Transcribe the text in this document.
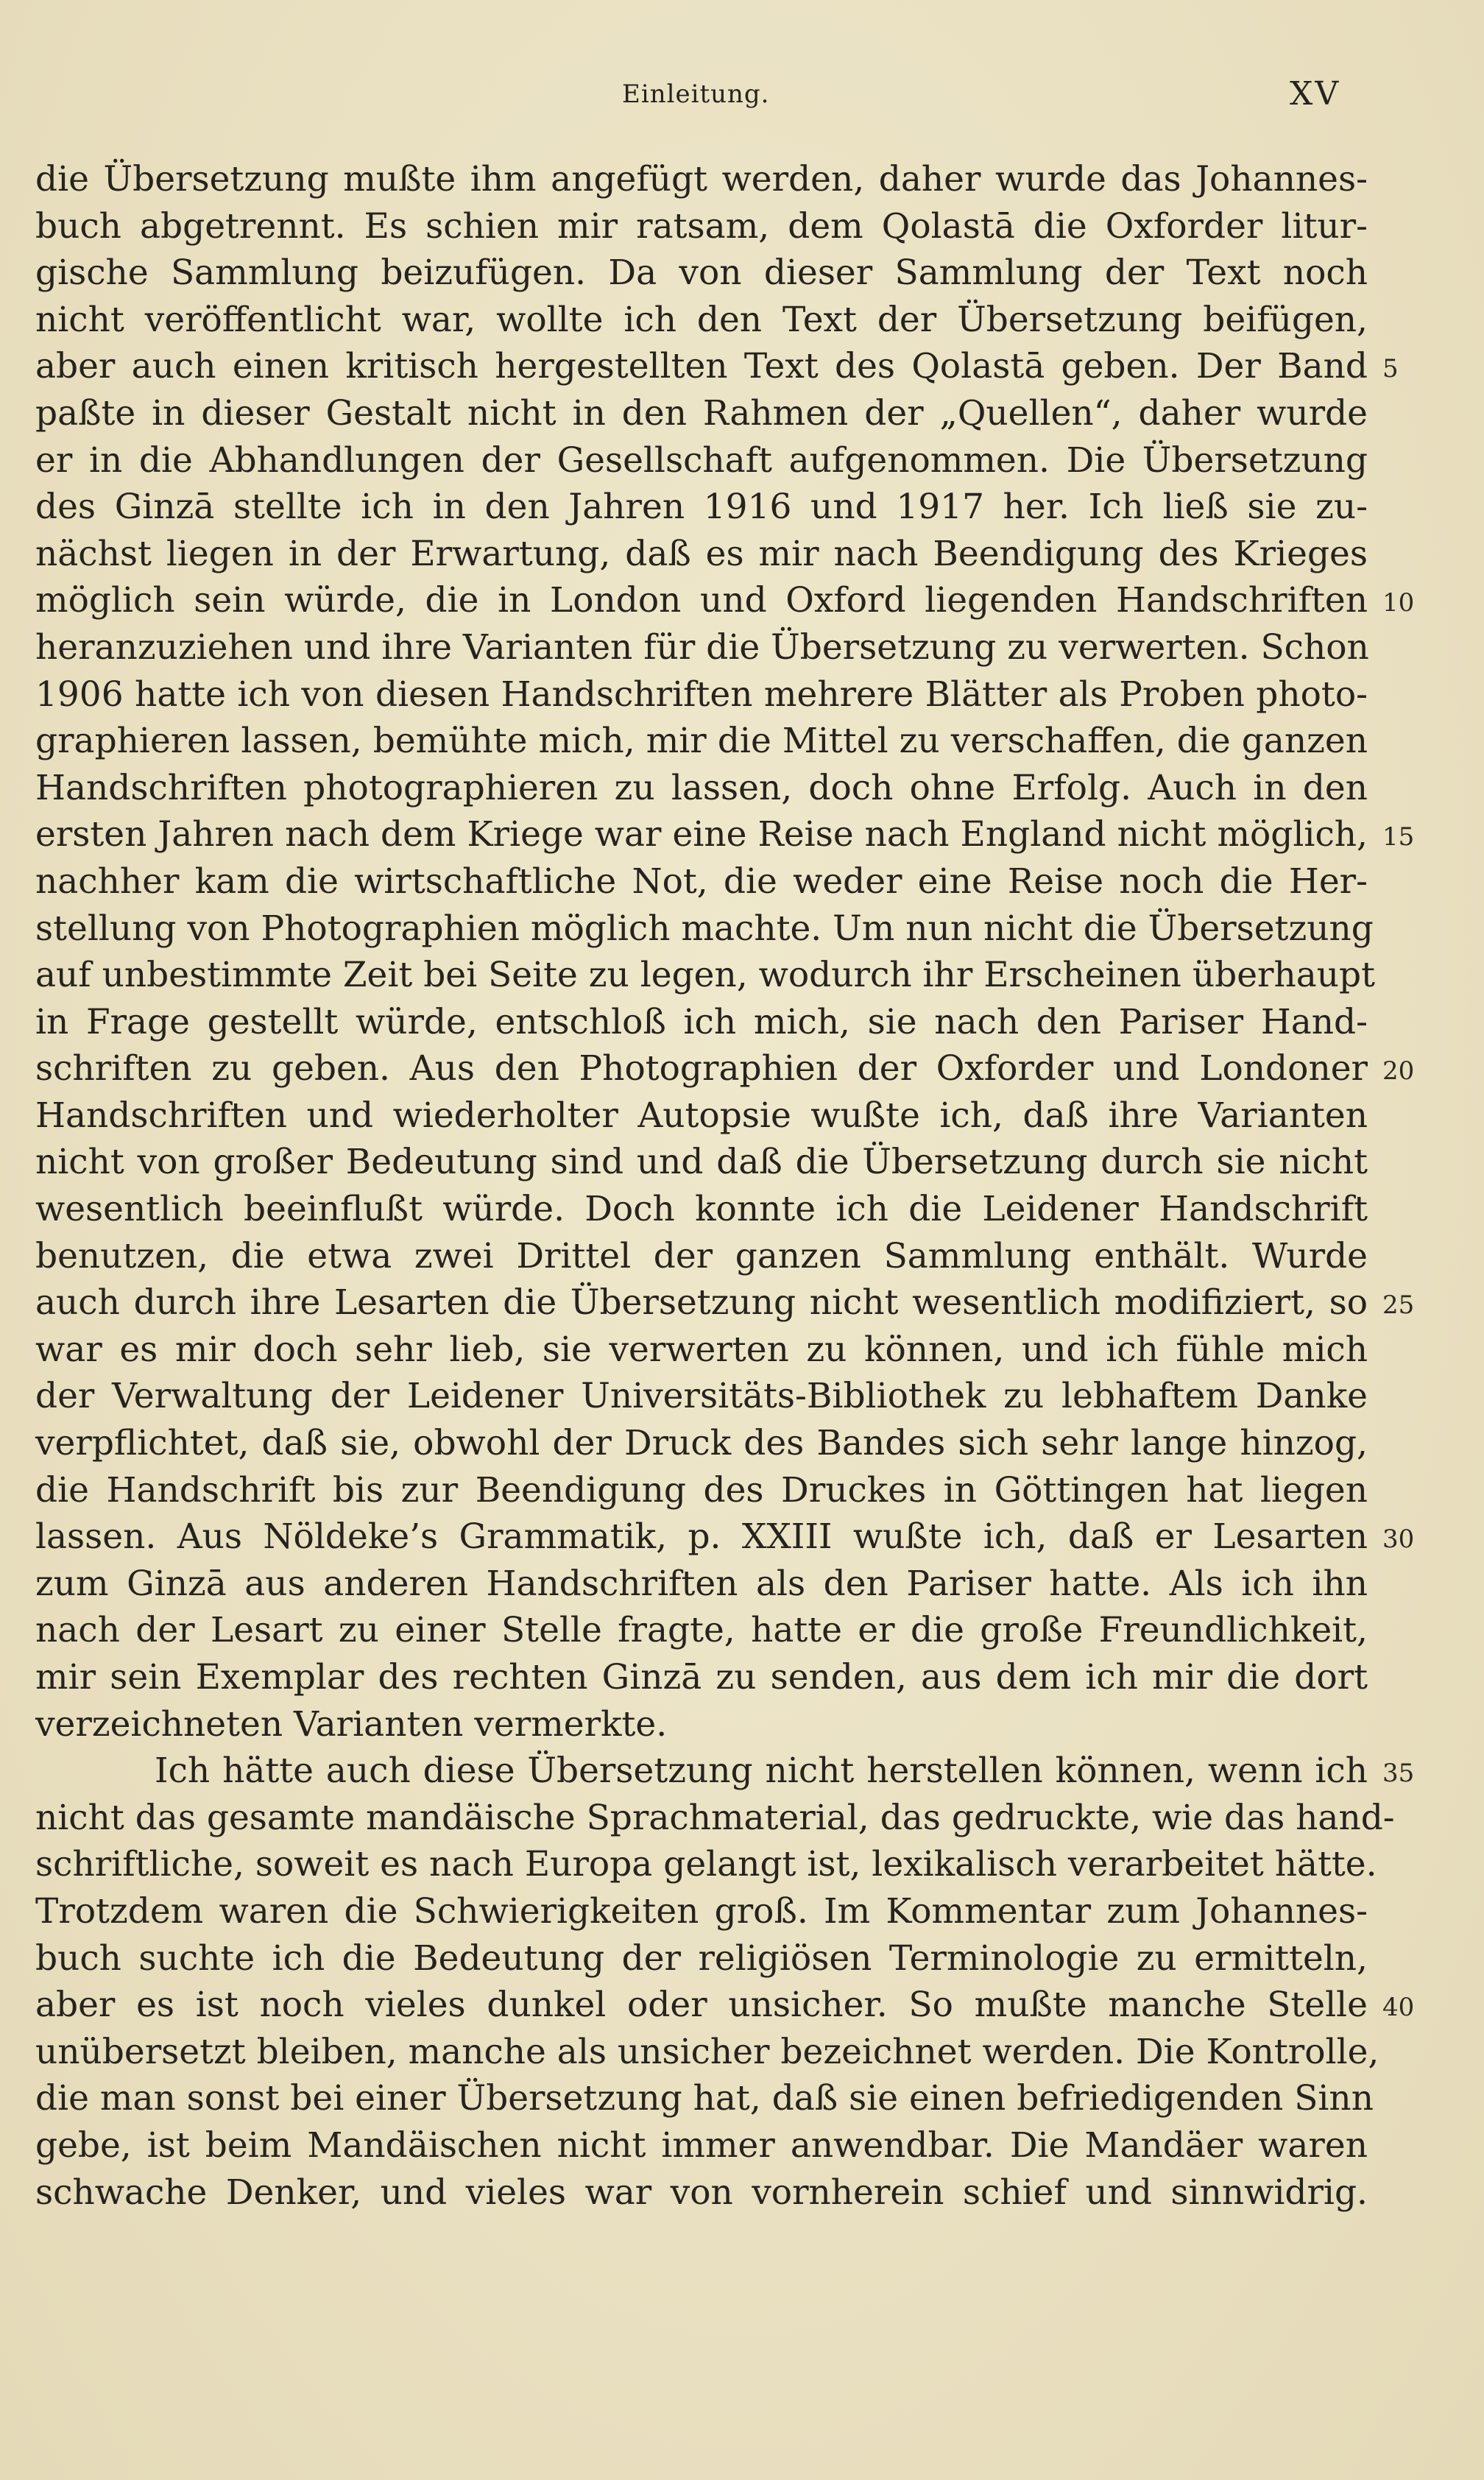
Einleitung.	XV
die Übersetzung mußte ihm angefügt werden, daher wurde das Johannes-
buch abgetrennt. Es schien mir ratsam, dem Qolastā die Oxforder litur-
gische Sammlung beizufügen. Da von dieser Sammlung der Text noch
nicht veröffentlicht war, wollte ich den Text der Übersetzung beifügen,
aber auch einen kritisch hergestellten Text des Qolastā geben. Der Band 5
paßte in dieser Gestalt nicht in den Rahmen der „Quellen“, daher wurde
er in die Abhandlungen der Gesellschaft aufgenommen. Die Übersetzung
des Ginzā stellte ich in den Jahren 1916 und 1917 her. Ich ließ sie zu-
nächst liegen in der Erwartung, daß es mir nach Beendigung des Krieges
möglich sein würde, die in London und Oxford liegenden Handschriften 10
heranzuziehen und ihre Varianten für die Übersetzung zu verwerten. Schon
1906 hatte ich von diesen Handschriften mehrere Blätter als Proben photo-
graphieren lassen, bemühte mich, mir die Mittel zu verschaffen, die ganzen
Handschriften photographieren zu lassen, doch ohne Erfolg. Auch in den
ersten Jahren nach dem Kriege war eine Reise nach England nicht möglich, 15
nachher kam die wirtschaftliche Not, die weder eine Reise noch die Her-
stellung von Photographien möglich machte. Um nun nicht die Übersetzung
auf unbestimmte Zeit bei Seite zu legen, wodurch ihr Erscheinen überhaupt
in Frage gestellt würde, entschloß ich mich, sie nach den Pariser Hand-
schriften zu geben. Aus den Photographien der Oxforder und Londoner 20
Handschriften und wiederholter Autopsie wußte ich, daß ihre Varianten
nicht von großer Bedeutung sind und daß die Übersetzung durch sie nicht
wesentlich beeinflußt würde. Doch konnte ich die Leidener Handschrift
benutzen, die etwa zwei Drittel der ganzen Sammlung enthält. Wurde
auch durch ihre Lesarten die Übersetzung nicht wesentlich modifiziert, so 25
war es mir doch sehr lieb, sie verwerten zu können, und ich fühle mich
der Verwaltung der Leidener Universitäts-Bibliothek zu lebhaftem Danke
verpflichtet, daß sie, obwohl der Druck des Bandes sich sehr lange hinzog,
die Handschrift bis zur Beendigung des Druckes in Göttingen hat liegen
lassen. Aus Nöldeke’s Grammatik, p. XXIII wußte ich, daß er Lesarten 30
zum Ginzā aus anderen Handschriften als den Pariser hatte. Als ich ihn
nach der Lesart zu einer Stelle fragte, hatte er die große Freundlichkeit,
mir sein Exemplar des rechten Ginzā zu senden, aus dem ich mir die dort
verzeichneten Varianten vermerkte.
Ich hätte auch diese Übersetzung nicht herstellen können, wenn ich 35
nicht das gesamte mandäische Sprachmaterial, das gedruckte, wie das hand-
schriftliche, soweit es nach Europa gelangt ist, lexikalisch verarbeitet hätte.
Trotzdem waren die Schwierigkeiten groß. Im Kommentar zum Johannes-
buch suchte ich die Bedeutung der religiösen Terminologie zu ermitteln,
aber es ist noch vieles dunkel oder unsicher. So mußte manche Stelle 40
unübersetzt bleiben, manche als unsicher bezeichnet werden. Die Kontrolle,
die man sonst bei einer Übersetzung hat, daß sie einen befriedigenden Sinn
gebe, ist beim Mandäischen nicht immer anwendbar. Die Mandäer waren
schwache Denker, und vieles war von vornherein schief und sinnwidrig.
